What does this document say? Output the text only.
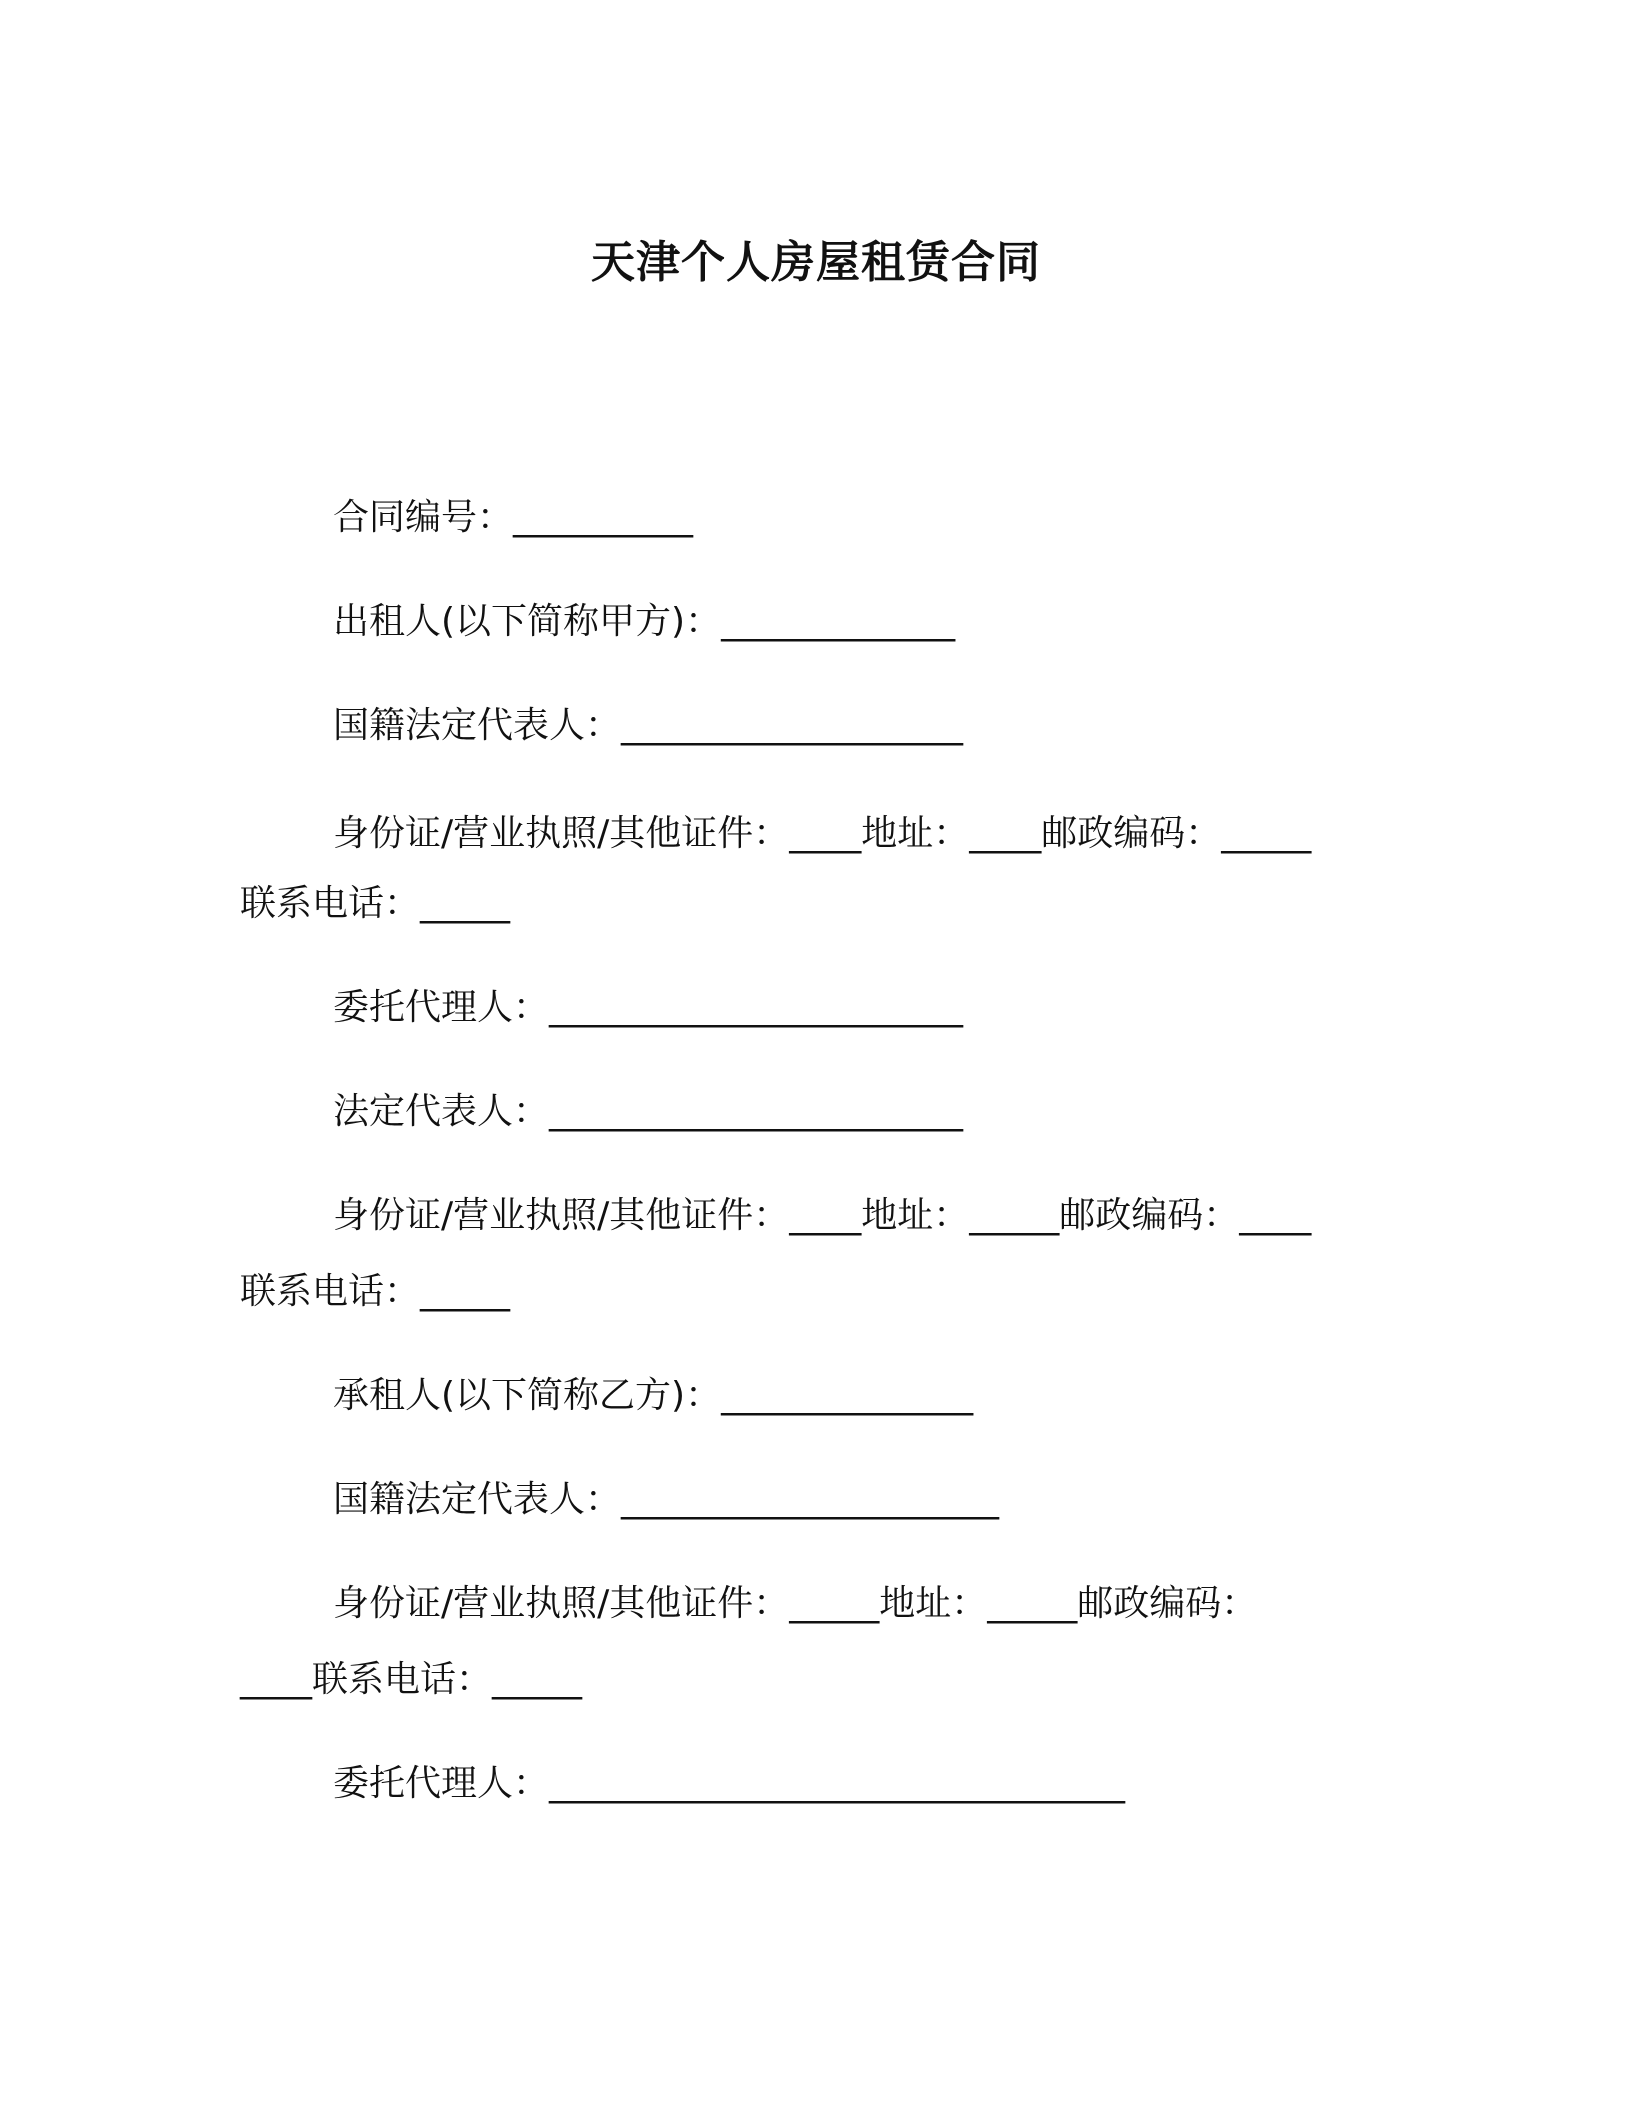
天津个人房屋租赁合同
合同编号：__________
出租人(以下简称甲方)：_____________
国籍法定代表人：___________________
身份证/营业执照/其他证件：____地址：____邮政编码：_____
联系电话：_____
委托代理人：_______________________
法定代表人：_______________________
身份证/营业执照/其他证件：____地址：_____邮政编码：____
联系电话：_____
承租人(以下简称乙方)：______________
国籍法定代表人：_____________________
身份证/营业执照/其他证件：_____地址：_____邮政编码：
____联系电话：_____
委托代理人：________________________________
